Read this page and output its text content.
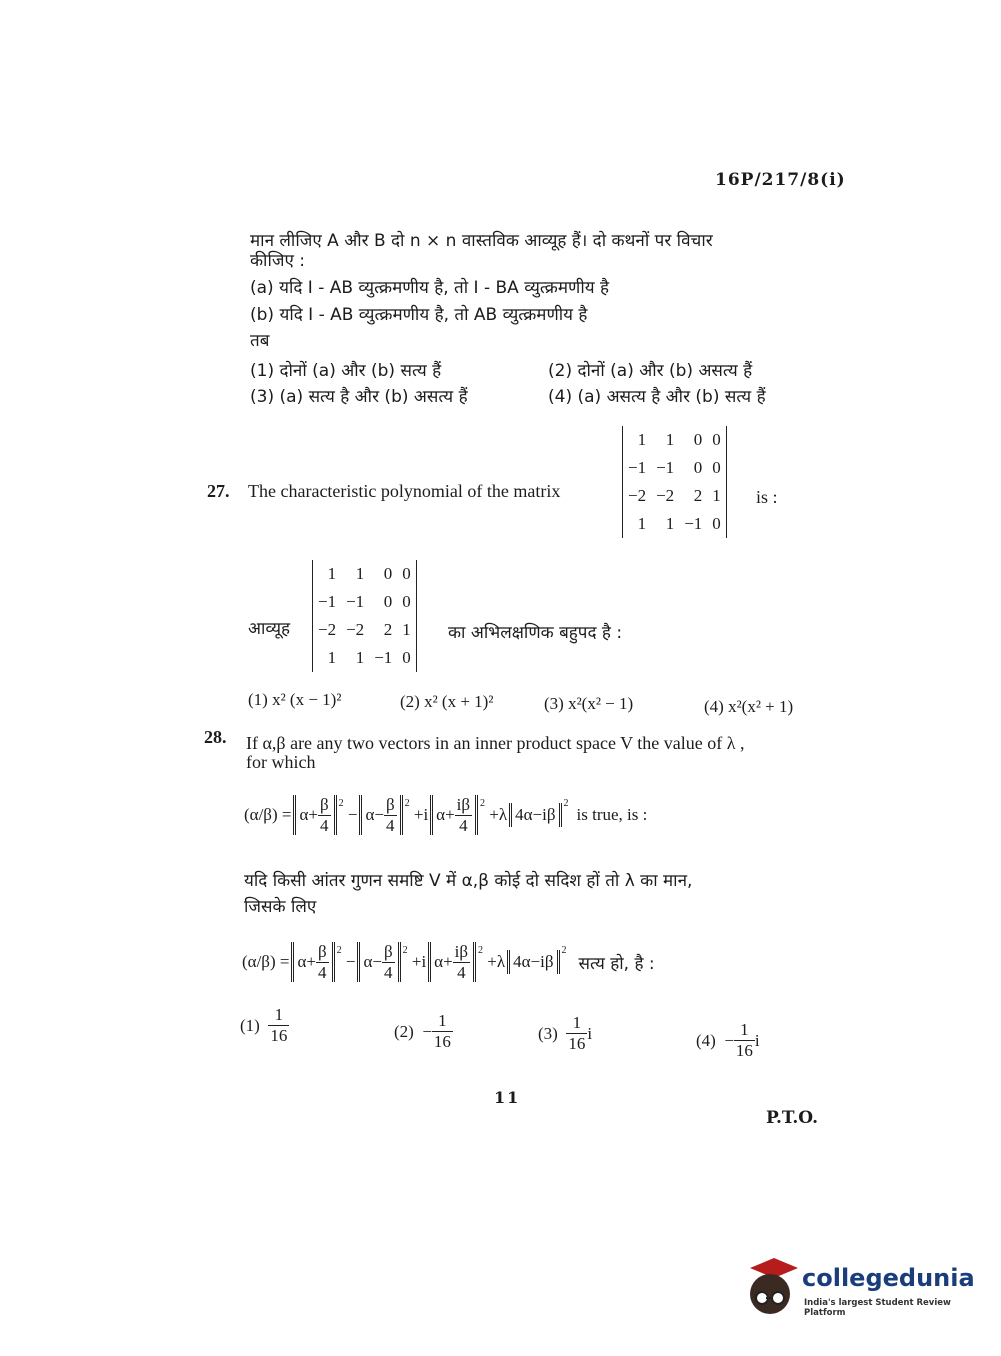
16P/217/8(i)
मान लीजिए A और B दो n × n वास्तविक आव्यूह हैं। दो कथनों पर विचार
कीजिए :
(a) यदि I - AB व्युत्क्रमणीय है, तो I - BA व्युत्क्रमणीय है
(b) यदि I - AB व्युत्क्रमणीय है, तो AB व्युत्क्रमणीय है
तब
(1) दोनों (a) और (b) सत्य हैं	(2) दोनों (a) और (b) असत्य हैं
(3) (a) सत्य है और (b) असत्य हैं	(4) (a) असत्य है और (b) सत्य हैं
27. The characteristic polynomial of the matrix
1	1	0	0
−1	−1	0	0
−2	−2	2	1
1	1	−1	0
is :
आव्यूह
1	1	0	0
−1	−1	0	0
−2	−2	2	1
1	1	−1	0
का अभिलक्षणिक बहुपद है :
(1) x² (x − 1)²	(2) x² (x + 1)²	(3) x²(x² − 1)	(4) x²(x² + 1)
28. If α,β are any two vectors in an inner product space V the value of λ ,
for which
$(\alpha/\beta) = \alpha+ \frac{\beta}{4} 2$
− $\alpha- \frac{\beta}{4} 2$
+i $\alpha+ \frac{i\beta}{4} 2$
+λ 4α−iβ
2
is true, is :
यदि किसी आंतर गुणन समष्टि V में α,β कोई दो सदिश हों तो λ का मान,
जिसके लिए
$(\alpha/\beta) = \alpha+ \frac{\beta}{4} 2$
− $\alpha- \frac{\beta}{4} 2$
+i $\alpha+ \frac{i\beta}{4} 2$
+λ 4α−iβ
2
सत्य हो, है :
(1)
$\frac{1}{16}$	(2)
− $\frac{1}{16}$	(3)
$\frac{1}{16}$ i	(4)
− $\frac{1}{16}$ i
11
P.T.O.
collegedunia
India's largest Student Review Platform
